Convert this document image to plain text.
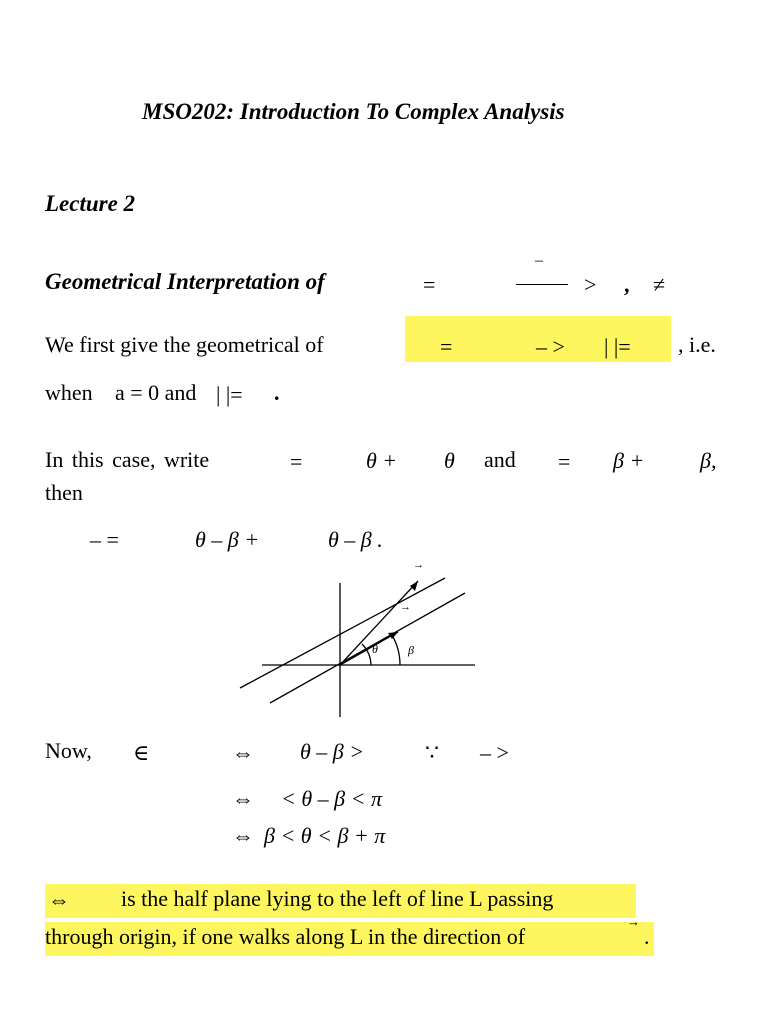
MSO202: Introduction To Complex Analysis
Lecture 2
Geometrical Interpretation of	=
–
> , ≠
We first give the geometrical of	=	– > | |= , i.e.
when a = 0 and | |= .
In this case, write	=	θ + θ and = β +	β,
then
– =	θ – β +	θ – β .
θ	β
→
→
Now, ∈	⇔ θ – β >	∵ – >
⇔ < θ – β < π
⇔ β < θ < β + π
⇔ is the half plane lying to the left of line L passing
through origin, if one walks along L in the direction of
→
.
